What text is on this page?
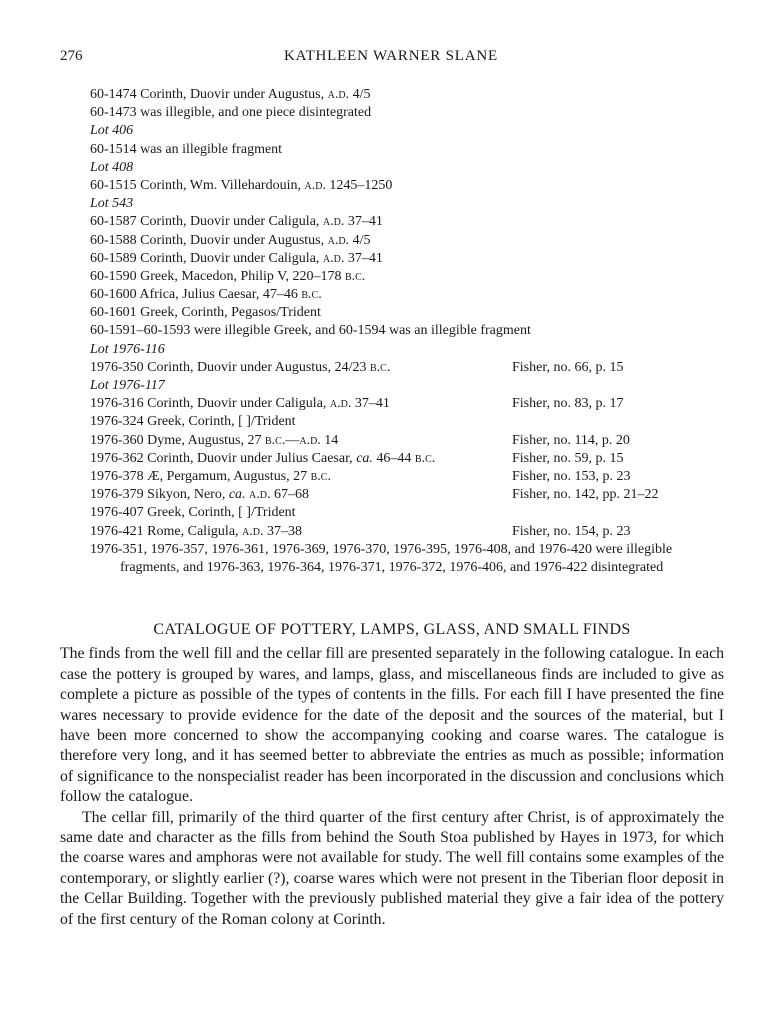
276	KATHLEEN WARNER SLANE
60-1474 Corinth, Duovir under Augustus, a.d. 4/5
60-1473 was illegible, and one piece disintegrated
Lot 406
60-1514 was an illegible fragment
Lot 408
60-1515 Corinth, Wm. Villehardouin, a.d. 1245–1250
Lot 543
60-1587 Corinth, Duovir under Caligula, a.d. 37–41
60-1588 Corinth, Duovir under Augustus, a.d. 4/5
60-1589 Corinth, Duovir under Caligula, a.d. 37–41
60-1590 Greek, Macedon, Philip V, 220–178 b.c.
60-1600 Africa, Julius Caesar, 47–46 b.c.
60-1601 Greek, Corinth, Pegasos/Trident
60-1591–60-1593 were illegible Greek, and 60-1594 was an illegible fragment
Lot 1976-116
1976-350 Corinth, Duovir under Augustus, 24/23 b.c.	Fisher, no. 66, p. 15
Lot 1976-117
1976-316 Corinth, Duovir under Caligula, a.d. 37–41	Fisher, no. 83, p. 17
1976-324 Greek, Corinth, [ ]/Trident
1976-360 Dyme, Augustus, 27 b.c.—a.d. 14	Fisher, no. 114, p. 20
1976-362 Corinth, Duovir under Julius Caesar, ca. 46–44 b.c.	Fisher, no. 59, p. 15
1976-378 Æ, Pergamum, Augustus, 27 b.c.	Fisher, no. 153, p. 23
1976-379 Sikyon, Nero, ca. a.d. 67–68	Fisher, no. 142, pp. 21–22
1976-407 Greek, Corinth, [ ]/Trident
1976-421 Rome, Caligula, a.d. 37–38	Fisher, no. 154, p. 23
1976-351, 1976-357, 1976-361, 1976-369, 1976-370, 1976-395, 1976-408, and 1976-420 were illegible
fragments, and 1976-363, 1976-364, 1976-371, 1976-372, 1976-406, and 1976-422 disintegrated
CATALOGUE OF POTTERY, LAMPS, GLASS, AND SMALL FINDS

The finds from the well fill and the cellar fill are presented separately in the following catalogue. In each case the pottery is grouped by wares, and lamps, glass, and miscellaneous finds are included to give as complete a picture as possible of the types of contents in the fills. For each fill I have presented the fine wares necessary to provide evidence for the date of the deposit and the sources of the material, but I have been more concerned to show the accompanying cooking and coarse wares. The catalogue is therefore very long, and it has seemed better to abbreviate the entries as much as possible; information of significance to the nonspecialist reader has been incorporated in the discussion and conclusions which follow the catalogue.

The cellar fill, primarily of the third quarter of the first century after Christ, is of approximately the same date and character as the fills from behind the South Stoa published by Hayes in 1973, for which the coarse wares and amphoras were not available for study. The well fill contains some examples of the contemporary, or slightly earlier (?), coarse wares which were not present in the Tiberian floor deposit in the Cellar Building. Together with the previously published material they give a fair idea of the pottery of the first century of the Roman colony at Corinth.
